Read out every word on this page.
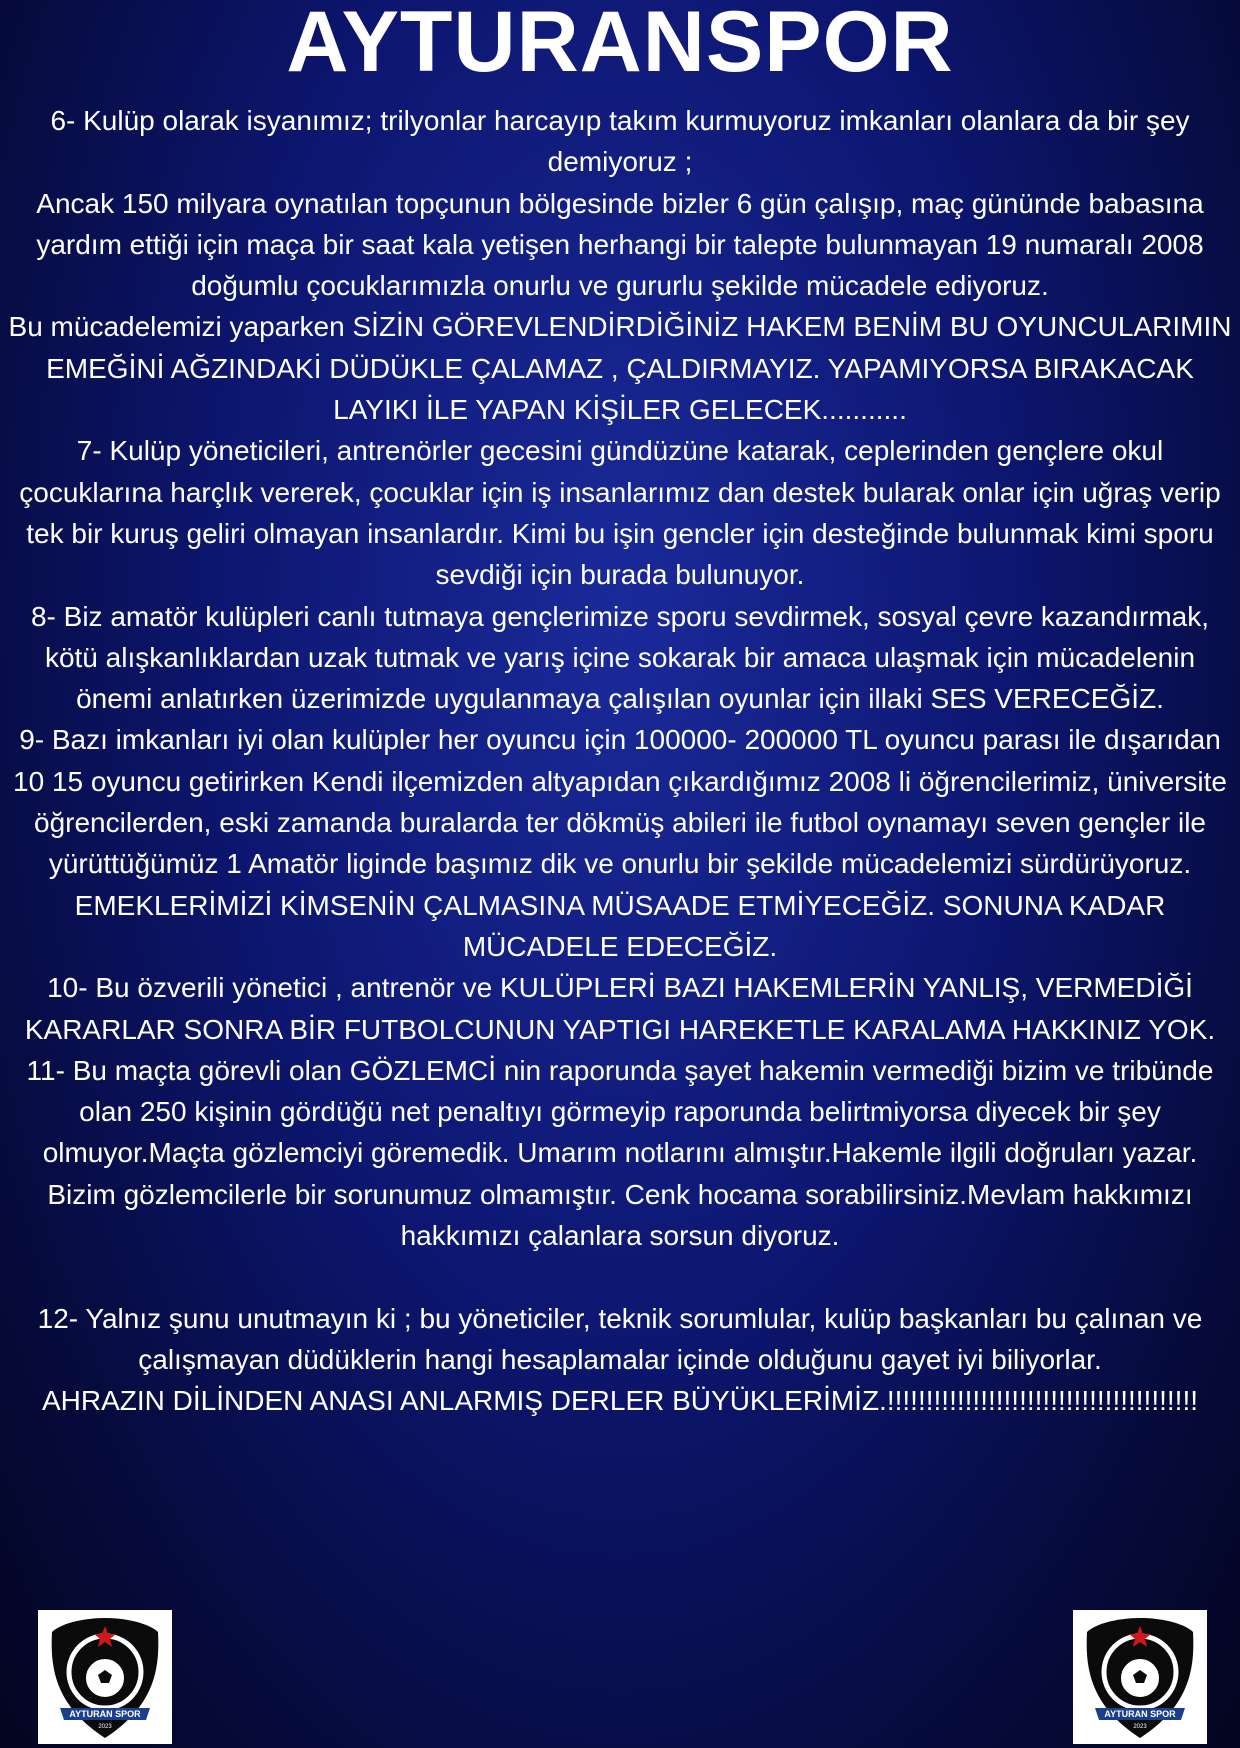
AYTURANSPOR

6- Kulüp olarak isyanımız; trilyonlar harcayıp takım kurmuyoruz imkanları olanlara da bir şey demiyoruz ;

Ancak 150 milyara oynatılan topçunun bölgesinde bizler 6 gün çalışıp, maç gününde babasına yardım ettiği için maça bir saat kala yetişen herhangi bir talepte bulunmayan 19 numaralı 2008 doğumlu çocuklarımızla onurlu ve gururlu şekilde mücadele ediyoruz.

Bu mücadelemizi yaparken SİZİN GÖREVLENDİRDİĞİNİZ HAKEM BENİM BU OYUNCULARIMIN EMEĞİNİ AĞZINDAKİ DÜDÜKLE ÇALAMAZ , ÇALDIRMAYIZ. YAPAMIYORSA BIRAKACAK LAYIKI İLE YAPAN KİŞİLER GELECEK...........

7- Kulüp yöneticileri, antrenörler gecesini gündüzüne katarak, ceplerinden gençlere okul çocuklarına harçlık vererek, çocuklar için iş insanlarımız dan destek bularak onlar için uğraş verip tek bir kuruş geliri olmayan insanlardır. Kimi bu işin gencler için desteğinde bulunmak kimi sporu sevdiği için burada bulunuyor.

8- Biz amatör kulüpleri canlı tutmaya gençlerimize sporu sevdirmek, sosyal çevre kazandırmak, kötü alışkanlıklardan uzak tutmak ve yarış içine sokarak bir amaca ulaşmak için mücadelenin önemi anlatırken üzerimizde uygulanmaya çalışılan oyunlar için illaki SES VERECEĞİZ.

9- Bazı imkanları iyi olan kulüpler her oyuncu için 100000- 200000 TL oyuncu parası ile dışarıdan 10 15 oyuncu getirirken Kendi ilçemizden altyapıdan çıkardığımız 2008 li öğrencilerimiz, üniversite öğrencilerden, eski zamanda buralarda ter dökmüş abileri ile futbol oynamayı seven gençler ile yürüttüğümüz 1 Amatör liginde başımız dik ve onurlu bir şekilde mücadelemizi sürdürüyoruz. EMEKLERİMİZİ KİMSENİN ÇALMASINA MÜSAADE ETMİYECEĞİZ. SONUNA KADAR MÜCADELE EDECEĞİZ.

10- Bu özverili yönetici , antrenör ve KULÜPLERİ BAZI HAKEMLERİN YANLIŞ, VERMEDİĞİ KARARLAR SONRA BİR FUTBOLCUNUN YAPTIGI HAREKETLE KARALAMA HAKKINIZ YOK.

11- Bu maçta görevli olan GÖZLEMCİ nin raporunda şayet hakemin vermediği bizim ve tribünde olan 250 kişinin gördüğü net penaltıyı görmeyip raporunda belirtmiyorsa diyecek bir şey olmuyor.Maçta gözlemciyi göremedik. Umarım notlarını almıştır.Hakemle ilgili doğruları yazar.

Bizim gözlemcilerle bir sorunumuz olmamıştır. Cenk hocama sorabilirsiniz.Mevlam hakkımızı hakkımızı çalanlara sorsun diyoruz.

12- Yalnız şunu unutmayın ki ; bu yöneticiler, teknik sorumlular, kulüp başkanları bu çalınan ve çalışmayan düdüklerin hangi hesaplamalar içinde olduğunu gayet iyi biliyorlar.

AHRAZIN DİLİNDEN ANASI ANLARMIŞ DERLER BÜYÜKLERİMİZ.!!!!!!!!!!!!!!!!!!!!!!!!!!!!!!!!!!!!!!!!

AYTURAN SPOR
2023
AYTURAN SPOR
2023
